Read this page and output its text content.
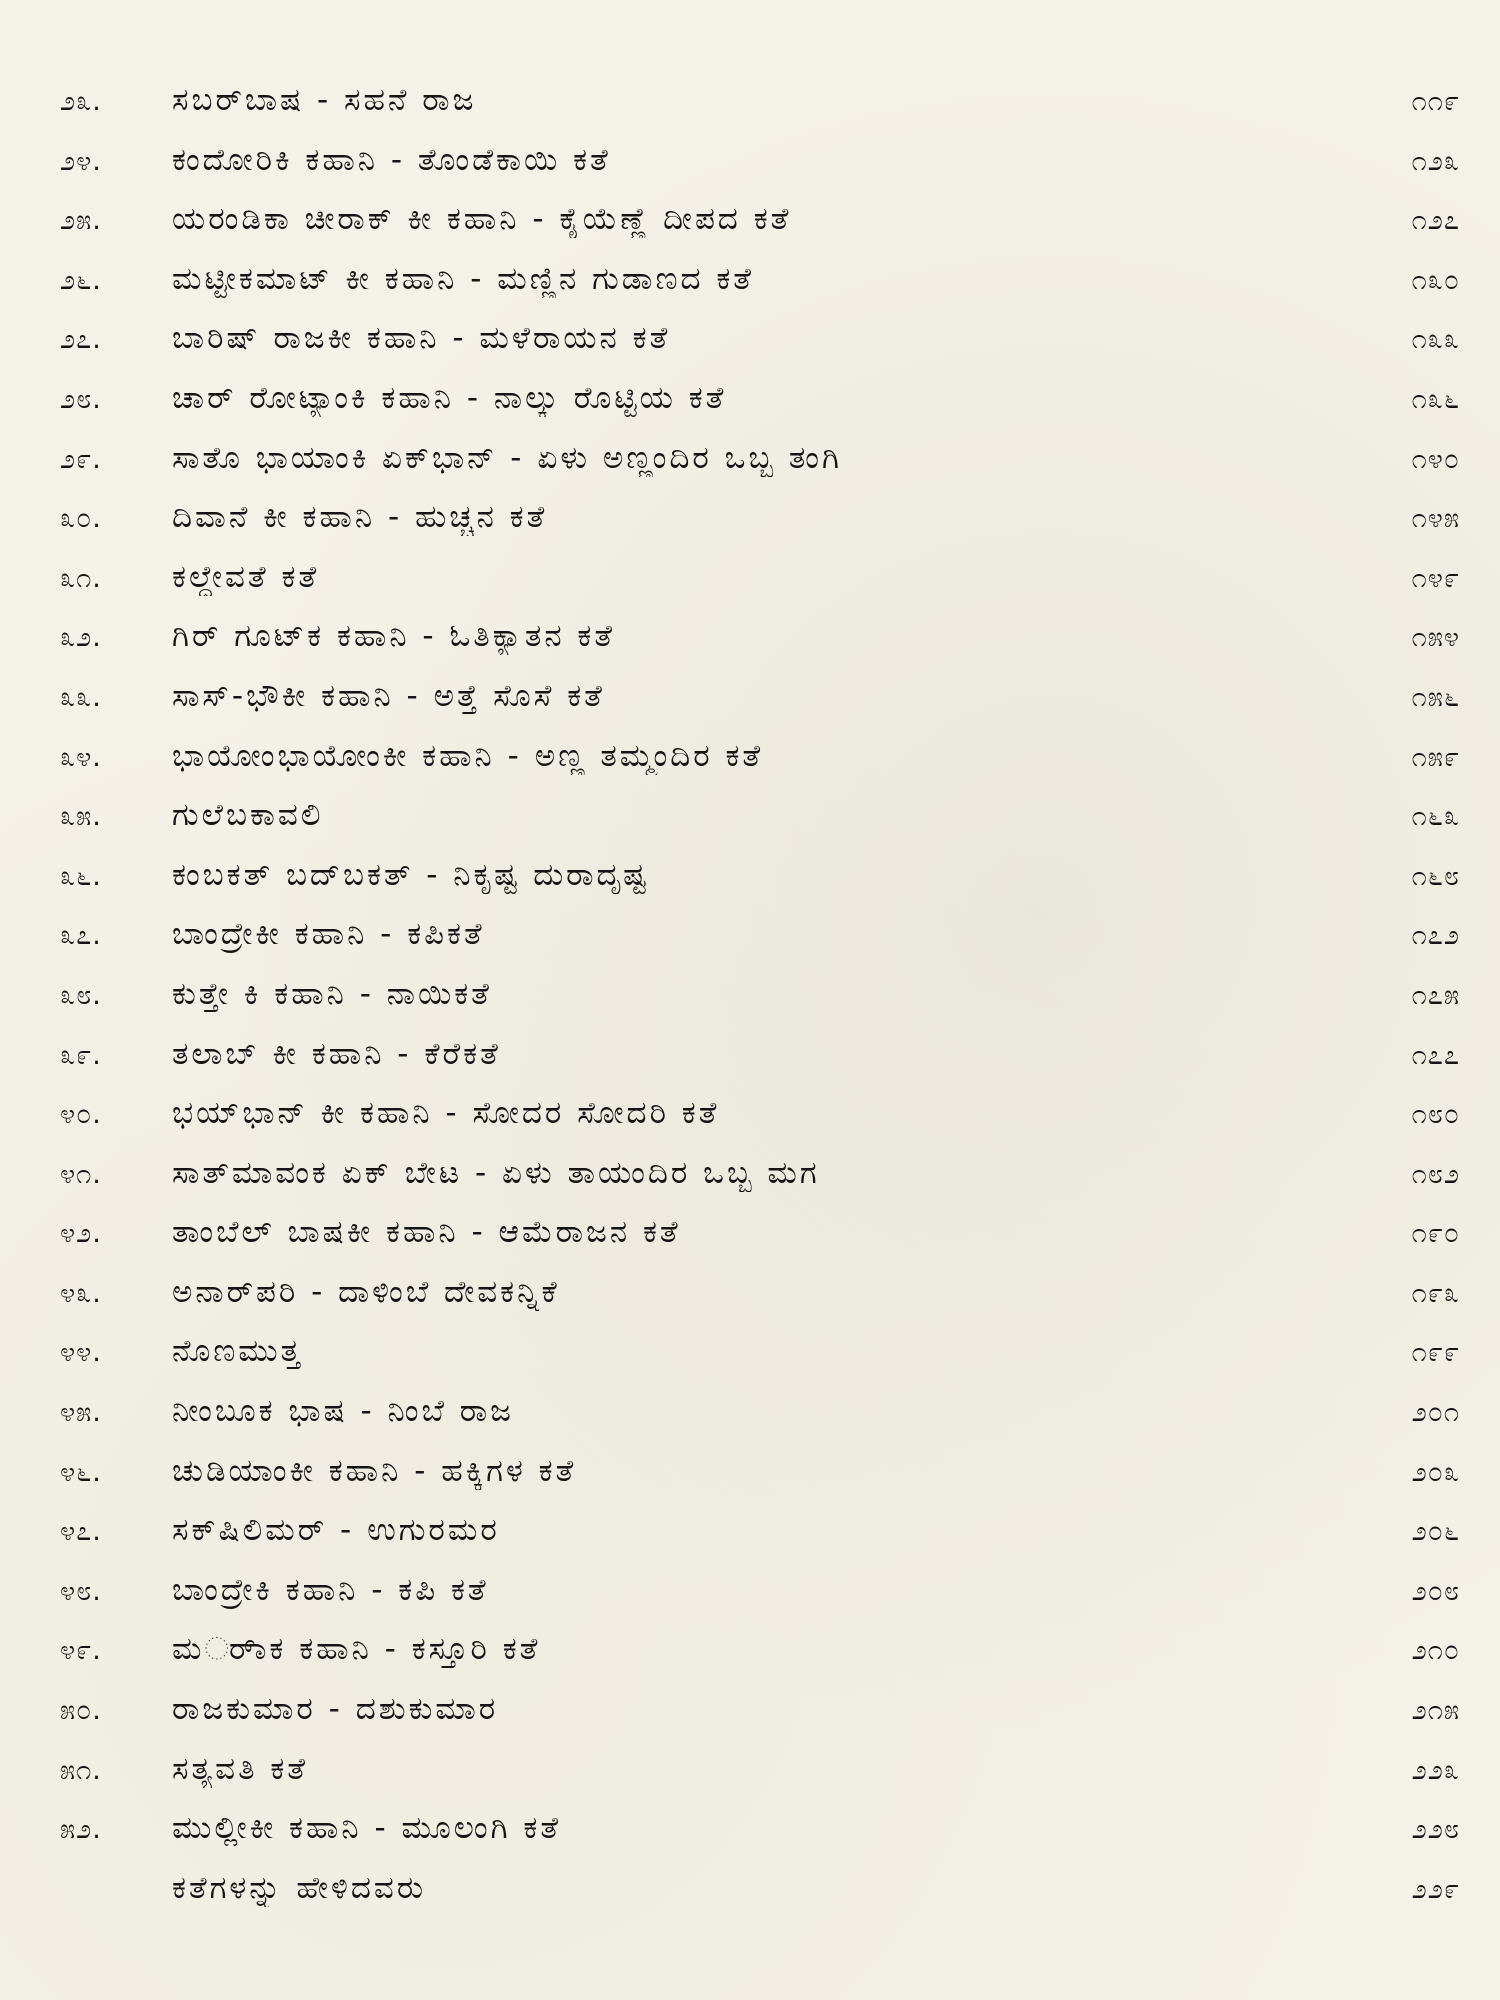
೨೩.	ಸಬರ್‌ಬಾಷ - ಸಹನೆ ರಾಜ	೧೧೯
೨೪.	ಕಂದೋರಿಕಿ ಕಹಾನಿ - ತೊಂಡೆಕಾಯಿ ಕತೆ	೧೨೩
೨೫.	ಯರಂಡಿಕಾ ಚೀರಾಕ್ ಕೀ ಕಹಾನಿ - ಕೈಯೆಣ್ಣೆ ದೀಪದ ಕತೆ	೧೨೭
೨೬.	ಮಟ್ಟೀಕಮಾಟ್ ಕೀ ಕಹಾನಿ - ಮಣ್ಣಿನ ಗುಡಾಣದ ಕತೆ	೧೩೦
೨೭.	ಬಾರಿಷ್ ರಾಜಕೀ ಕಹಾನಿ - ಮಳೆರಾಯನ ಕತೆ	೧೩೩
೨೮.	ಚಾರ್ ರೋಟ್ಯಾಂಕಿ ಕಹಾನಿ - ನಾಲ್ಕು ರೊಟ್ಟಿಯ ಕತೆ	೧೩೬
೨೯.	ಸಾತೊ ಭಾಯಾಂಕಿ ಏಕ್‌ಭಾನ್ - ಏಳು ಅಣ್ಣಂದಿರ ಒಬ್ಬ ತಂಗಿ	೧೪೦
೩೦.	ದಿವಾನೆ ಕೀ ಕಹಾನಿ - ಹುಚ್ಚನ ಕತೆ	೧೪೫
೩೧.	ಕಲ್ದೇವತೆ ಕತೆ	೧೪೯
೩೨.	ಗಿರ್ ಗೂಟ್‌ಕ ಕಹಾನಿ - ಓತಿಕ್ಯಾತನ ಕತೆ	೧೫೪
೩೩.	ಸಾಸ್-ಭೌಕೀ ಕಹಾನಿ - ಅತ್ತೆ ಸೊಸೆ ಕತೆ	೧೫೬
೩೪.	ಭಾಯೋಂಭಾಯೋಂಕೀ ಕಹಾನಿ - ಅಣ್ಣ ತಮ್ಮಂದಿರ ಕತೆ	೧೫೯
೩೫.	ಗುಲೆಬಕಾವಲಿ	೧೬೩
೩೬.	ಕಂಬಕತ್ ಬದ್‌ಬಕತ್ - ನಿಕೃಷ್ಟ ದುರಾದೃಷ್ಟ	೧೬೮
೩೭.	ಬಾಂದ್ರೇಕೀ ಕಹಾನಿ - ಕಪಿಕತೆ	೧೭೨
೩೮.	ಕುತ್ತೇ ಕಿ ಕಹಾನಿ - ನಾಯಿಕತೆ	೧೭೫
೩೯.	ತಲಾಬ್ ಕೀ ಕಹಾನಿ - ಕೆರೆಕತೆ	೧೭೭
೪೦.	ಭಯ್‌ಭಾನ್ ಕೀ ಕಹಾನಿ - ಸೋದರ ಸೋದರಿ ಕತೆ	೧೮೦
೪೧.	ಸಾತ್‌ಮಾವಂಕ ಏಕ್ ಬೇಟ - ಏಳು ತಾಯಂದಿರ ಒಬ್ಬ ಮಗ	೧೮೨
೪೨.	ತಾಂಬೆಲ್ ಬಾಷಕೀ ಕಹಾನಿ - ಆಮೆರಾಜನ ಕತೆ	೧೯೦
೪೩.	ಅನಾರ್‌ಪರಿ - ದಾಳಿಂಬೆ ದೇವಕನ್ನಿಕೆ	೧೯೩
೪೪.	ನೊಣಮುತ್ತ	೧೯೯
೪೫.	ನೀಂಬೂಕ ಭಾಷ - ನಿಂಬೆ ರಾಜ	೨೦೧
೪೬.	ಚುಡಿಯಾಂಕೀ ಕಹಾನಿ - ಹಕ್ಕಿಗಳ ಕತೆ	೨೦೩
೪೭.	ಸಕ್‌ಷಿಲಿಮರ್ - ಉಗುರಮರ	೨೦೬
೪೮.	ಬಾಂದ್ರೇಕಿ ಕಹಾನಿ - ಕಪಿ ಕತೆ	೨೦೮
೪೯.	ಮರ್‍ಾಕ ಕಹಾನಿ - ಕಸ್ತೂರಿ ಕತೆ	೨೧೦
೫೦.	ರಾಜಕುಮಾರ - ದಶುಕುಮಾರ	೨೧೫
೫೧.	ಸತ್ಯವತಿ ಕತೆ	೨೨೩
೫೨.	ಮುಲ್ಲೀಕೀ ಕಹಾನಿ - ಮೂಲಂಗಿ ಕತೆ	೨೨೮
ಕತೆಗಳನ್ನು ಹೇಳಿದವರು	೨೨೯
